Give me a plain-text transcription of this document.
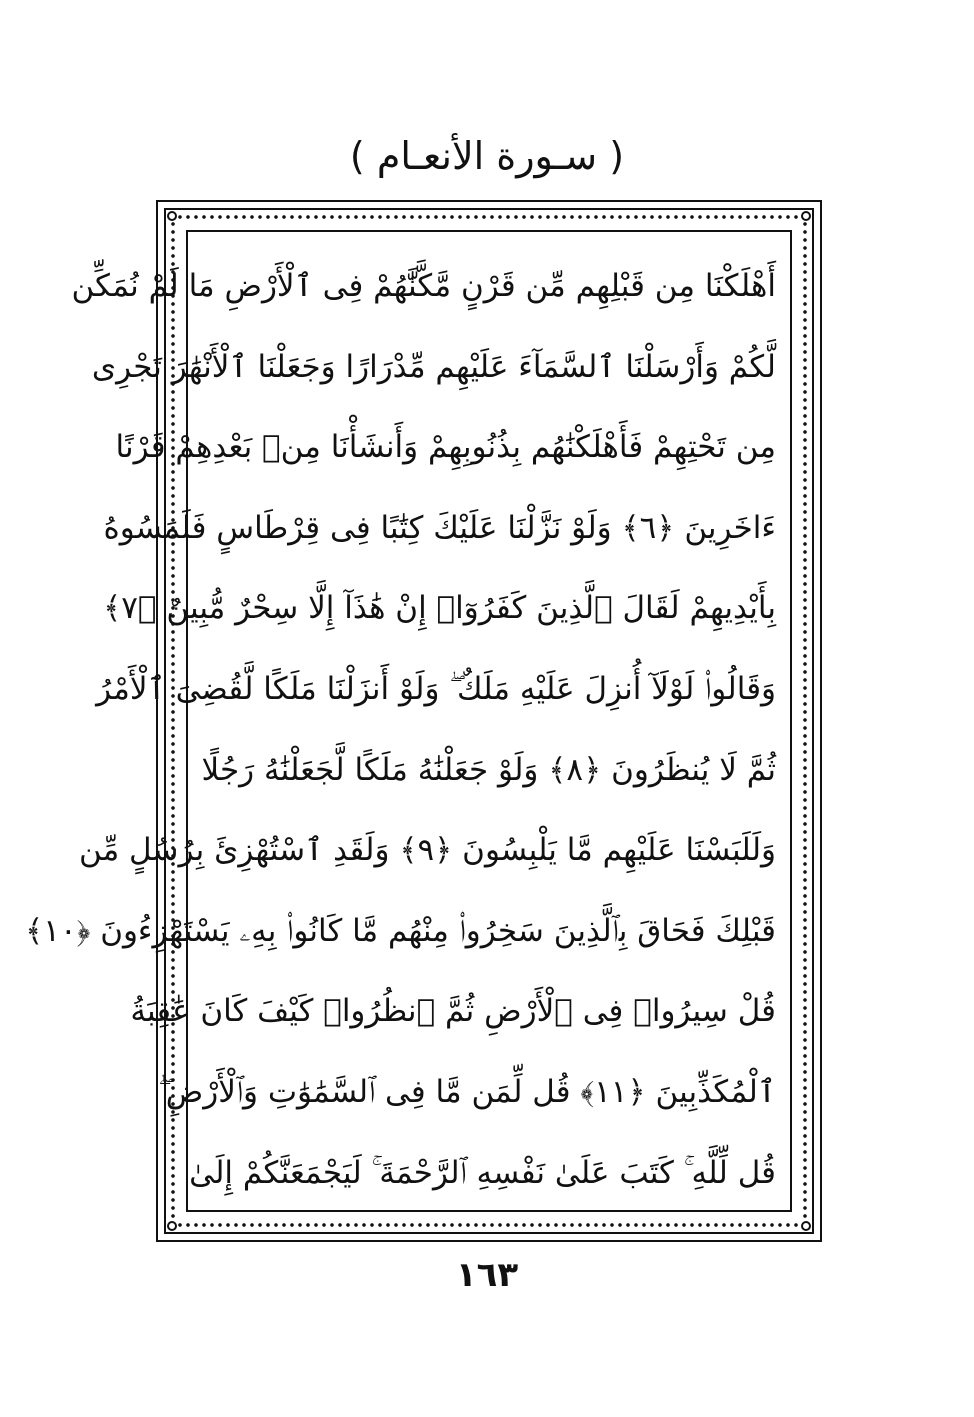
( سـورة الأنعـام )
أَهْلَكْنَا مِن قَبْلِهِم مِّن قَرْنٍ مَّكَّنَّٰهُمْ فِى ٱلْأَرْضِ مَا لَمْ نُمَكِّن
لَّكُمْ وَأَرْسَلْنَا ٱلسَّمَآءَ عَلَيْهِم مِّدْرَارًا وَجَعَلْنَا ٱلْأَنْهَٰرَ تَجْرِى
مِن تَحْتِهِمْ فَأَهْلَكْنَٰهُم بِذُنُوبِهِمْ وَأَنشَأْنَا مِنۢ بَعْدِهِمْ قَرْنًا
ءَاخَرِينَ ﴿٦﴾ وَلَوْ نَزَّلْنَا عَلَيْكَ كِتَٰبًا فِى قِرْطَاسٍ فَلَمَسُوهُ
بِأَيْدِيهِمْ لَقَالَ ٱلَّذِينَ كَفَرُوٓا۟ إِنْ هَٰذَآ إِلَّا سِحْرٌ مُّبِينٌ ﴿٧﴾
وَقَالُوا۟ لَوْلَآ أُنزِلَ عَلَيْهِ مَلَكٌ ۖ وَلَوْ أَنزَلْنَا مَلَكًا لَّقُضِىَ ٱلْأَمْرُ
ثُمَّ لَا يُنظَرُونَ ﴿٨﴾ وَلَوْ جَعَلْنَٰهُ مَلَكًا لَّجَعَلْنَٰهُ رَجُلًا
وَلَلَبَسْنَا عَلَيْهِم مَّا يَلْبِسُونَ ﴿٩﴾ وَلَقَدِ ٱسْتُهْزِئَ بِرُسُلٍ مِّن
قَبْلِكَ فَحَاقَ بِٱلَّذِينَ سَخِرُوا۟ مِنْهُم مَّا كَانُوا۟ بِهِۦ يَسْتَهْزِءُونَ ﴿١٠﴾
قُلْ سِيرُوا۟ فِى ٱلْأَرْضِ ثُمَّ ٱنظُرُوا۟ كَيْفَ كَانَ عَٰقِبَةُ
ٱلْمُكَذِّبِينَ ﴿١١﴾ قُل لِّمَن مَّا فِى ٱلسَّمَٰوَٰتِ وَٱلْأَرْضِ ۖ
قُل لِّلَّهِ ۚ كَتَبَ عَلَىٰ نَفْسِهِ ٱلرَّحْمَةَ ۚ لَيَجْمَعَنَّكُمْ إِلَىٰ
١٦٣
